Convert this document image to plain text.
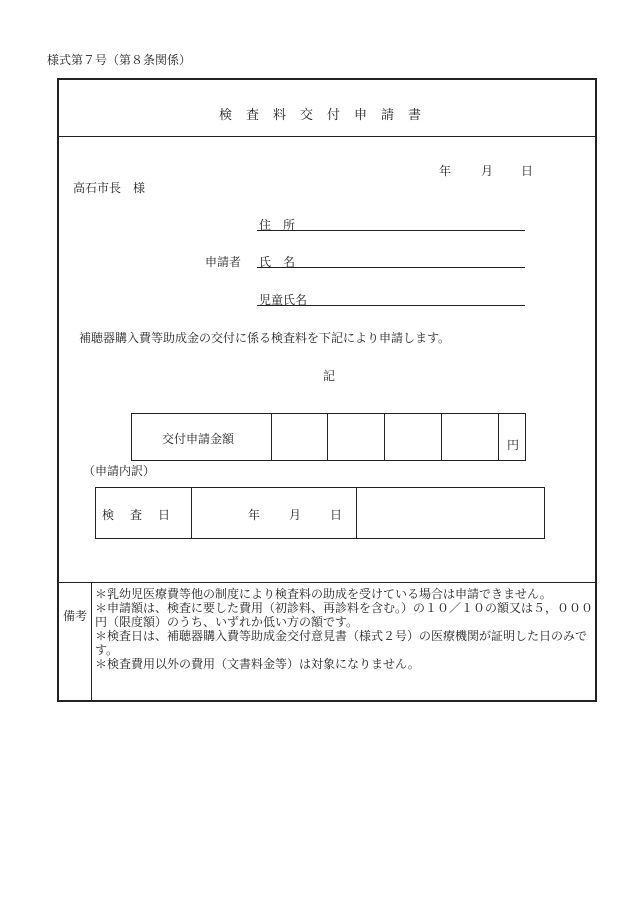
様式第７号（第８条関係）
検査料交付申請書
年 月 日
高石市長　様
住　所
申請者 氏　名
児童氏名
補聴器購入費等助成金の交付に係る検査料を下記により申請します。
記
交付申請金額	円
（申請内訳）
検　査　日	年 月 日
備考
＊乳幼児医療費等他の制度により検査料の助成を受けている場合は申請できません。
＊申請額は、検査に要した費用（初診料、再診料を含む。）の１０／１０の額又は５，０００円（限度額）のうち、いずれか低い方の額です。
＊検査日は、補聴器購入費等助成金交付意見書（様式２号）の医療機関が証明した日のみです。
＊検査費用以外の費用（文書料金等）は対象になりません。
